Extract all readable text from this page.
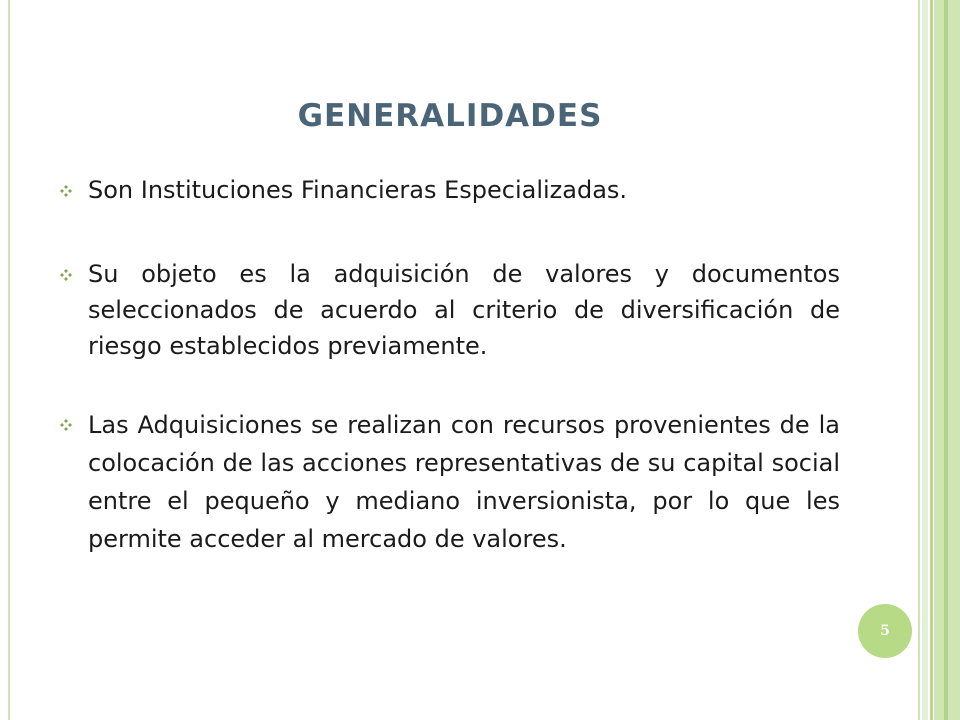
GENERALIDADES
Son Instituciones Financieras Especializadas.
Su objeto es la adquisición de valores y documentos seleccionados de acuerdo al criterio de diversificación de riesgo establecidos previamente.
Las Adquisiciones se realizan con recursos provenientes de la colocación de las acciones representativas de su capital social entre el pequeño y mediano inversionista, por lo que les permite acceder al mercado de valores.
5
